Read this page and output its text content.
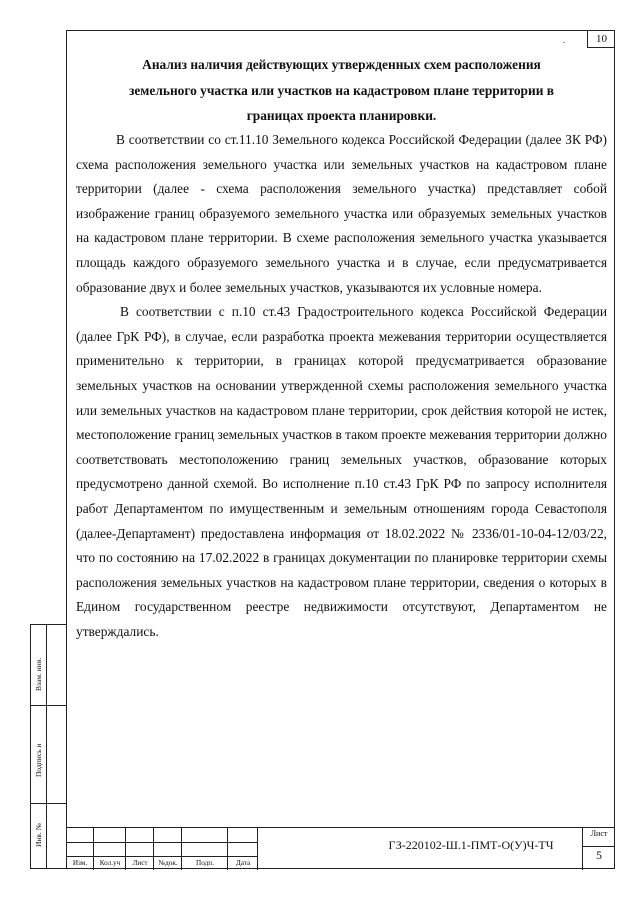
10
.
Анализ наличия действующих утвержденных схем расположения
земельного участка или участков на кадастровом плане территории в
границах проекта планировки.

В соответствии со ст.11.10 Земельного кодекса Российской Федерации (далее ЗК РФ) схема расположения земельного участка или земельных участков на кадастровом плане территории (далее - схема расположения земельного участка) представляет собой изображение границ образуемого земельного участка или образуемых земельных участков на кадастровом плане территории. В схеме расположения земельного участка указывается площадь каждого образуемого земельного участка и в случае, если предусматривается образование двух и более земельных участков, указываются их условные номера.

В соответствии с п.10 ст.43 Градостроительного кодекса Российской Федерации (далее ГрК РФ), в случае, если разработка проекта межевания территории осуществляется применительно к территории, в границах которой предусматривается образование земельных участков на основании утвержденной схемы расположения земельного участка или земельных участков на кадастровом плане территории, срок действия которой не истек, местоположение границ земельных участков в таком проекте межевания территории должно соответствовать местоположению границ земельных участков, образование которых предусмотрено данной схемой. Во исполнение п.10 ст.43 ГрК РФ по запросу исполнителя работ Департаментом по имущественным и земельным отношениям города Севастополя (далее-Департамент) предоставлена информация от 18.02.2022 № 2336/01-10-04-12/03/22, что по состоянию на 17.02.2022 в границах документации по планировке территории схемы расположения земельных участков на кадастровом плане территории, сведения о которых в Едином государственном реестре недвижимости отсутствуют, Департаментом не утверждались.

Взам. инв.
Подпись и
Инв. №
Изм.	Кол.уч	Лист	№док.	Подп.	Дата
ГЗ-220102-Ш.1-ПМТ-О(У)Ч-ТЧ
Лист
5
